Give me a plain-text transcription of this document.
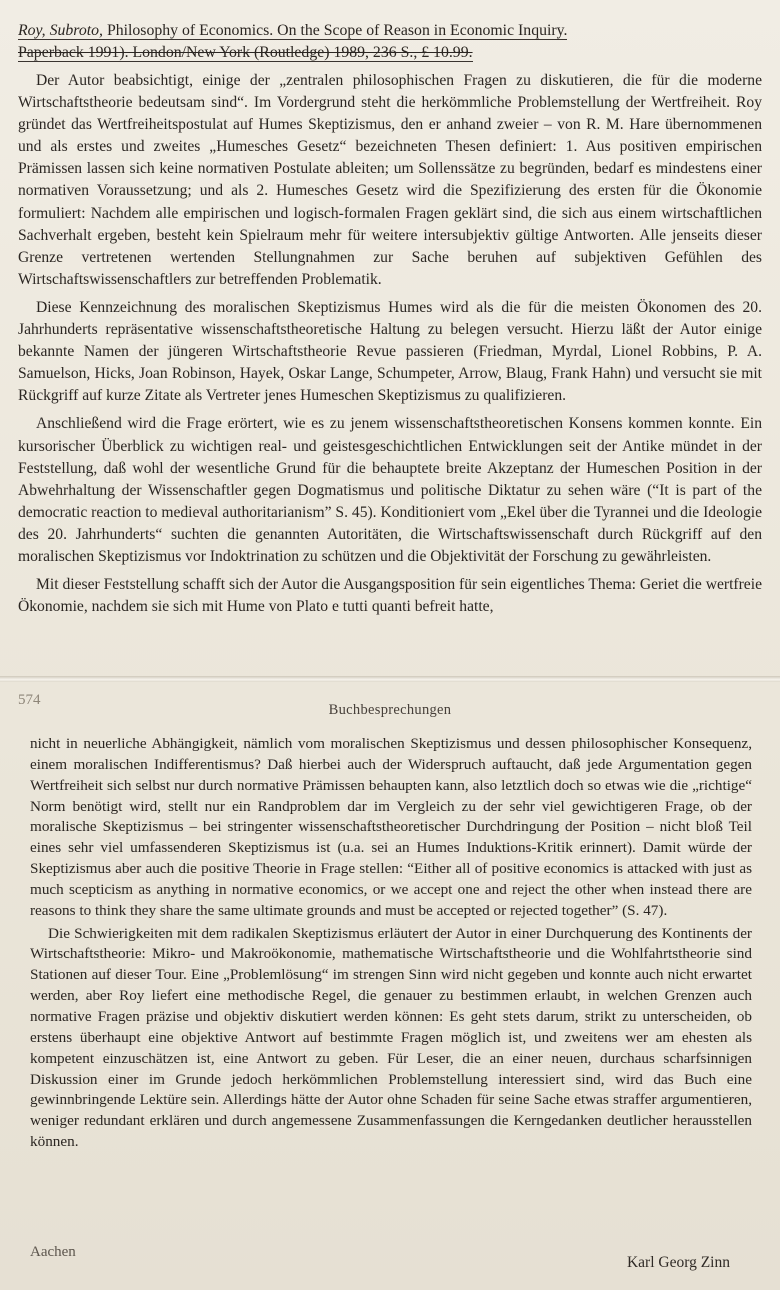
Roy, Subroto, Philosophy of Economics. On the Scope of Reason in Economic Inquiry.
Paperback 1991). London/New York (Routledge) 1989, 236 S., £ 10.99.

Der Autor beabsichtigt, einige der „zentralen philosophischen Fragen zu diskutieren, die für die moderne Wirtschaftstheorie bedeutsam sind“. Im Vordergrund steht die herkömmliche Problemstellung der Wertfreiheit. Roy gründet das Wertfreiheitspostulat auf Humes Skeptizismus, den er anhand zweier – von R. M. Hare übernommenen und als erstes und zweites „Humesches Gesetz“ bezeichneten Thesen definiert: 1. Aus positiven empirischen Prämissen lassen sich keine normativen Postulate ableiten; um Sollenssätze zu begründen, bedarf es mindestens einer normativen Voraussetzung; und als 2. Humesches Gesetz wird die Spezifizierung des ersten für die Ökonomie formuliert: Nachdem alle empirischen und logisch-formalen Fragen geklärt sind, die sich aus einem wirtschaftlichen Sachverhalt ergeben, besteht kein Spielraum mehr für weitere intersubjektiv gültige Antworten. Alle jenseits dieser Grenze vertretenen wertenden Stellungnahmen zur Sache beruhen auf subjektiven Gefühlen des Wirtschaftswissenschaftlers zur betreffenden Problematik.

Diese Kennzeichnung des moralischen Skeptizismus Humes wird als die für die meisten Ökonomen des 20. Jahrhunderts repräsentative wissenschaftstheoretische Haltung zu belegen versucht. Hierzu läßt der Autor einige bekannte Namen der jüngeren Wirtschaftstheorie Revue passieren (Friedman, Myrdal, Lionel Robbins, P. A. Samuelson, Hicks, Joan Robinson, Hayek, Oskar Lange, Schumpeter, Arrow, Blaug, Frank Hahn) und versucht sie mit Rückgriff auf kurze Zitate als Vertreter jenes Humeschen Skeptizismus zu qualifizieren.

Anschließend wird die Frage erörtert, wie es zu jenem wissenschaftstheoretischen Konsens kommen konnte. Ein kursorischer Überblick zu wichtigen real- und geistesgeschichtlichen Entwicklungen seit der Antike mündet in der Feststellung, daß wohl der wesentliche Grund für die behauptete breite Akzeptanz der Humeschen Position in der Abwehrhaltung der Wissenschaftler gegen Dogmatismus und politische Diktatur zu sehen wäre (“It is part of the democratic reaction to medieval authoritarianism” S. 45). Konditioniert vom „Ekel über die Tyrannei und die Ideologie des 20. Jahrhunderts“ suchten die genannten Autoritäten, die Wirtschaftswissenschaft durch Rückgriff auf den moralischen Skeptizismus vor Indoktrination zu schützen und die Objektivität der Forschung zu gewährleisten.

Mit dieser Feststellung schafft sich der Autor die Ausgangsposition für sein eigentliches Thema: Geriet die wertfreie Ökonomie, nachdem sie sich mit Hume von Plato e tutti quanti befreit hatte,

574
Buchbesprechungen

nicht in neuerliche Abhängigkeit, nämlich vom moralischen Skeptizismus und dessen philosophischer Konsequenz, einem moralischen Indifferentismus? Daß hierbei auch der Widerspruch auftaucht, daß jede Argumentation gegen Wertfreiheit sich selbst nur durch normative Prämissen behaupten kann, also letztlich doch so etwas wie die „richtige“ Norm benötigt wird, stellt nur ein Randproblem dar im Vergleich zu der sehr viel gewichtigeren Frage, ob der moralische Skeptizismus – bei stringenter wissenschaftstheoretischer Durchdringung der Position – nicht bloß Teil eines sehr viel umfassenderen Skeptizismus ist (u.a. sei an Humes Induktions-Kritik erinnert). Damit würde der Skeptizismus aber auch die positive Theorie in Frage stellen: “Either all of positive economics is attacked with just as much scepticism as anything in normative economics, or we accept one and reject the other when instead there are reasons to think they share the same ultimate grounds and must be accepted or rejected together” (S. 47).

Die Schwierigkeiten mit dem radikalen Skeptizismus erläutert der Autor in einer Durchquerung des Kontinents der Wirtschaftstheorie: Mikro- und Makroökonomie, mathematische Wirtschaftstheorie und die Wohlfahrtstheorie sind Stationen auf dieser Tour. Eine „Problemlösung“ im strengen Sinn wird nicht gegeben und konnte auch nicht erwartet werden, aber Roy liefert eine methodische Regel, die genauer zu bestimmen erlaubt, in welchen Grenzen auch normative Fragen präzise und objektiv diskutiert werden können: Es geht stets darum, strikt zu unterscheiden, ob erstens überhaupt eine objektive Antwort auf bestimmte Fragen möglich ist, und zweitens wer am ehesten als kompetent einzuschätzen ist, eine Antwort zu geben. Für Leser, die an einer neuen, durchaus scharfsinnigen Diskussion einer im Grunde jedoch herkömmlichen Problemstellung interessiert sind, wird das Buch eine gewinnbringende Lektüre sein. Allerdings hätte der Autor ohne Schaden für seine Sache etwas straffer argumentieren, weniger redundant erklären und durch angemessene Zusammenfassungen die Kerngedanken deutlicher herausstellen können.

Aachen
Karl Georg Zinn
